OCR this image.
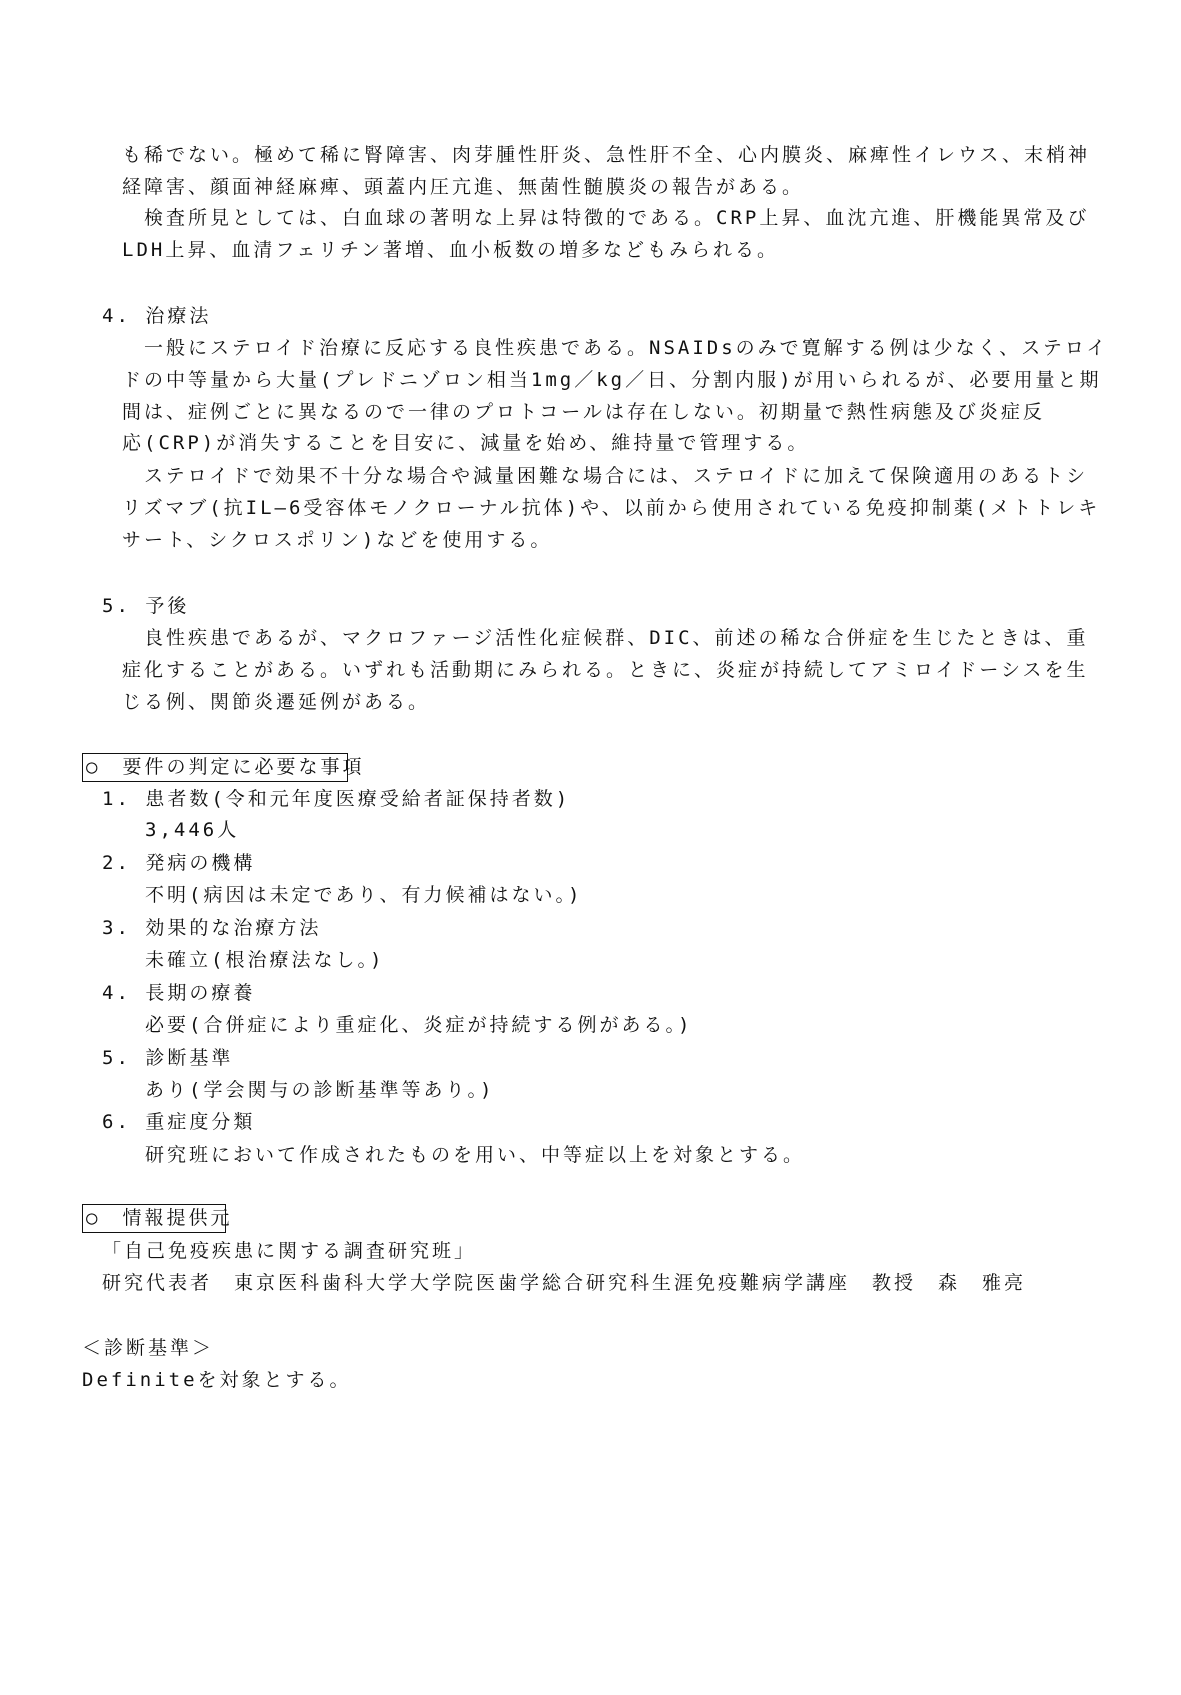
も稀でない。極めて稀に腎障害、肉芽腫性肝炎、急性肝不全、心内膜炎、麻痺性イレウス、末梢神
経障害、顔面神経麻痺、頭蓋内圧亢進、無菌性髄膜炎の報告がある。
　検査所見としては、白血球の著明な上昇は特徴的である。CRP上昇、血沈亢進、肝機能異常及び
LDH上昇、血清フェリチン著増、血小板数の増多などもみられる。
4. 治療法
　一般にステロイド治療に反応する良性疾患である。NSAIDsのみで寛解する例は少なく、ステロイ
ドの中等量から大量(プレドニゾロン相当1mg／kg／日、分割内服)が用いられるが、必要用量と期
間は、症例ごとに異なるので一律のプロトコールは存在しない。初期量で熱性病態及び炎症反
応(CRP)が消失することを目安に、減量を始め、維持量で管理する。
　ステロイドで効果不十分な場合や減量困難な場合には、ステロイドに加えて保険適用のあるトシ
リズマブ(抗IL―6受容体モノクローナル抗体)や、以前から使用されている免疫抑制薬(メトトレキ
サート、シクロスポリン)などを使用する。
5. 予後
　良性疾患であるが、マクロファージ活性化症候群、DIC、前述の稀な合併症を生じたときは、重
症化することがある。いずれも活動期にみられる。ときに、炎症が持続してアミロイドーシスを生
じる例、関節炎遷延例がある。
○　要件の判定に必要な事項
1. 患者数(令和元年度医療受給者証保持者数)
3,446人
2. 発病の機構
不明(病因は未定であり、有力候補はない。)
3. 効果的な治療方法
未確立(根治療法なし。)
4. 長期の療養
必要(合併症により重症化、炎症が持続する例がある。)
5. 診断基準
あり(学会関与の診断基準等あり。)
6. 重症度分類
研究班において作成されたものを用い、中等症以上を対象とする。
○　情報提供元
「自己免疫疾患に関する調査研究班」
研究代表者　東京医科歯科大学大学院医歯学総合研究科生涯免疫難病学講座　教授　森　雅亮
＜診断基準＞
Definiteを対象とする。
